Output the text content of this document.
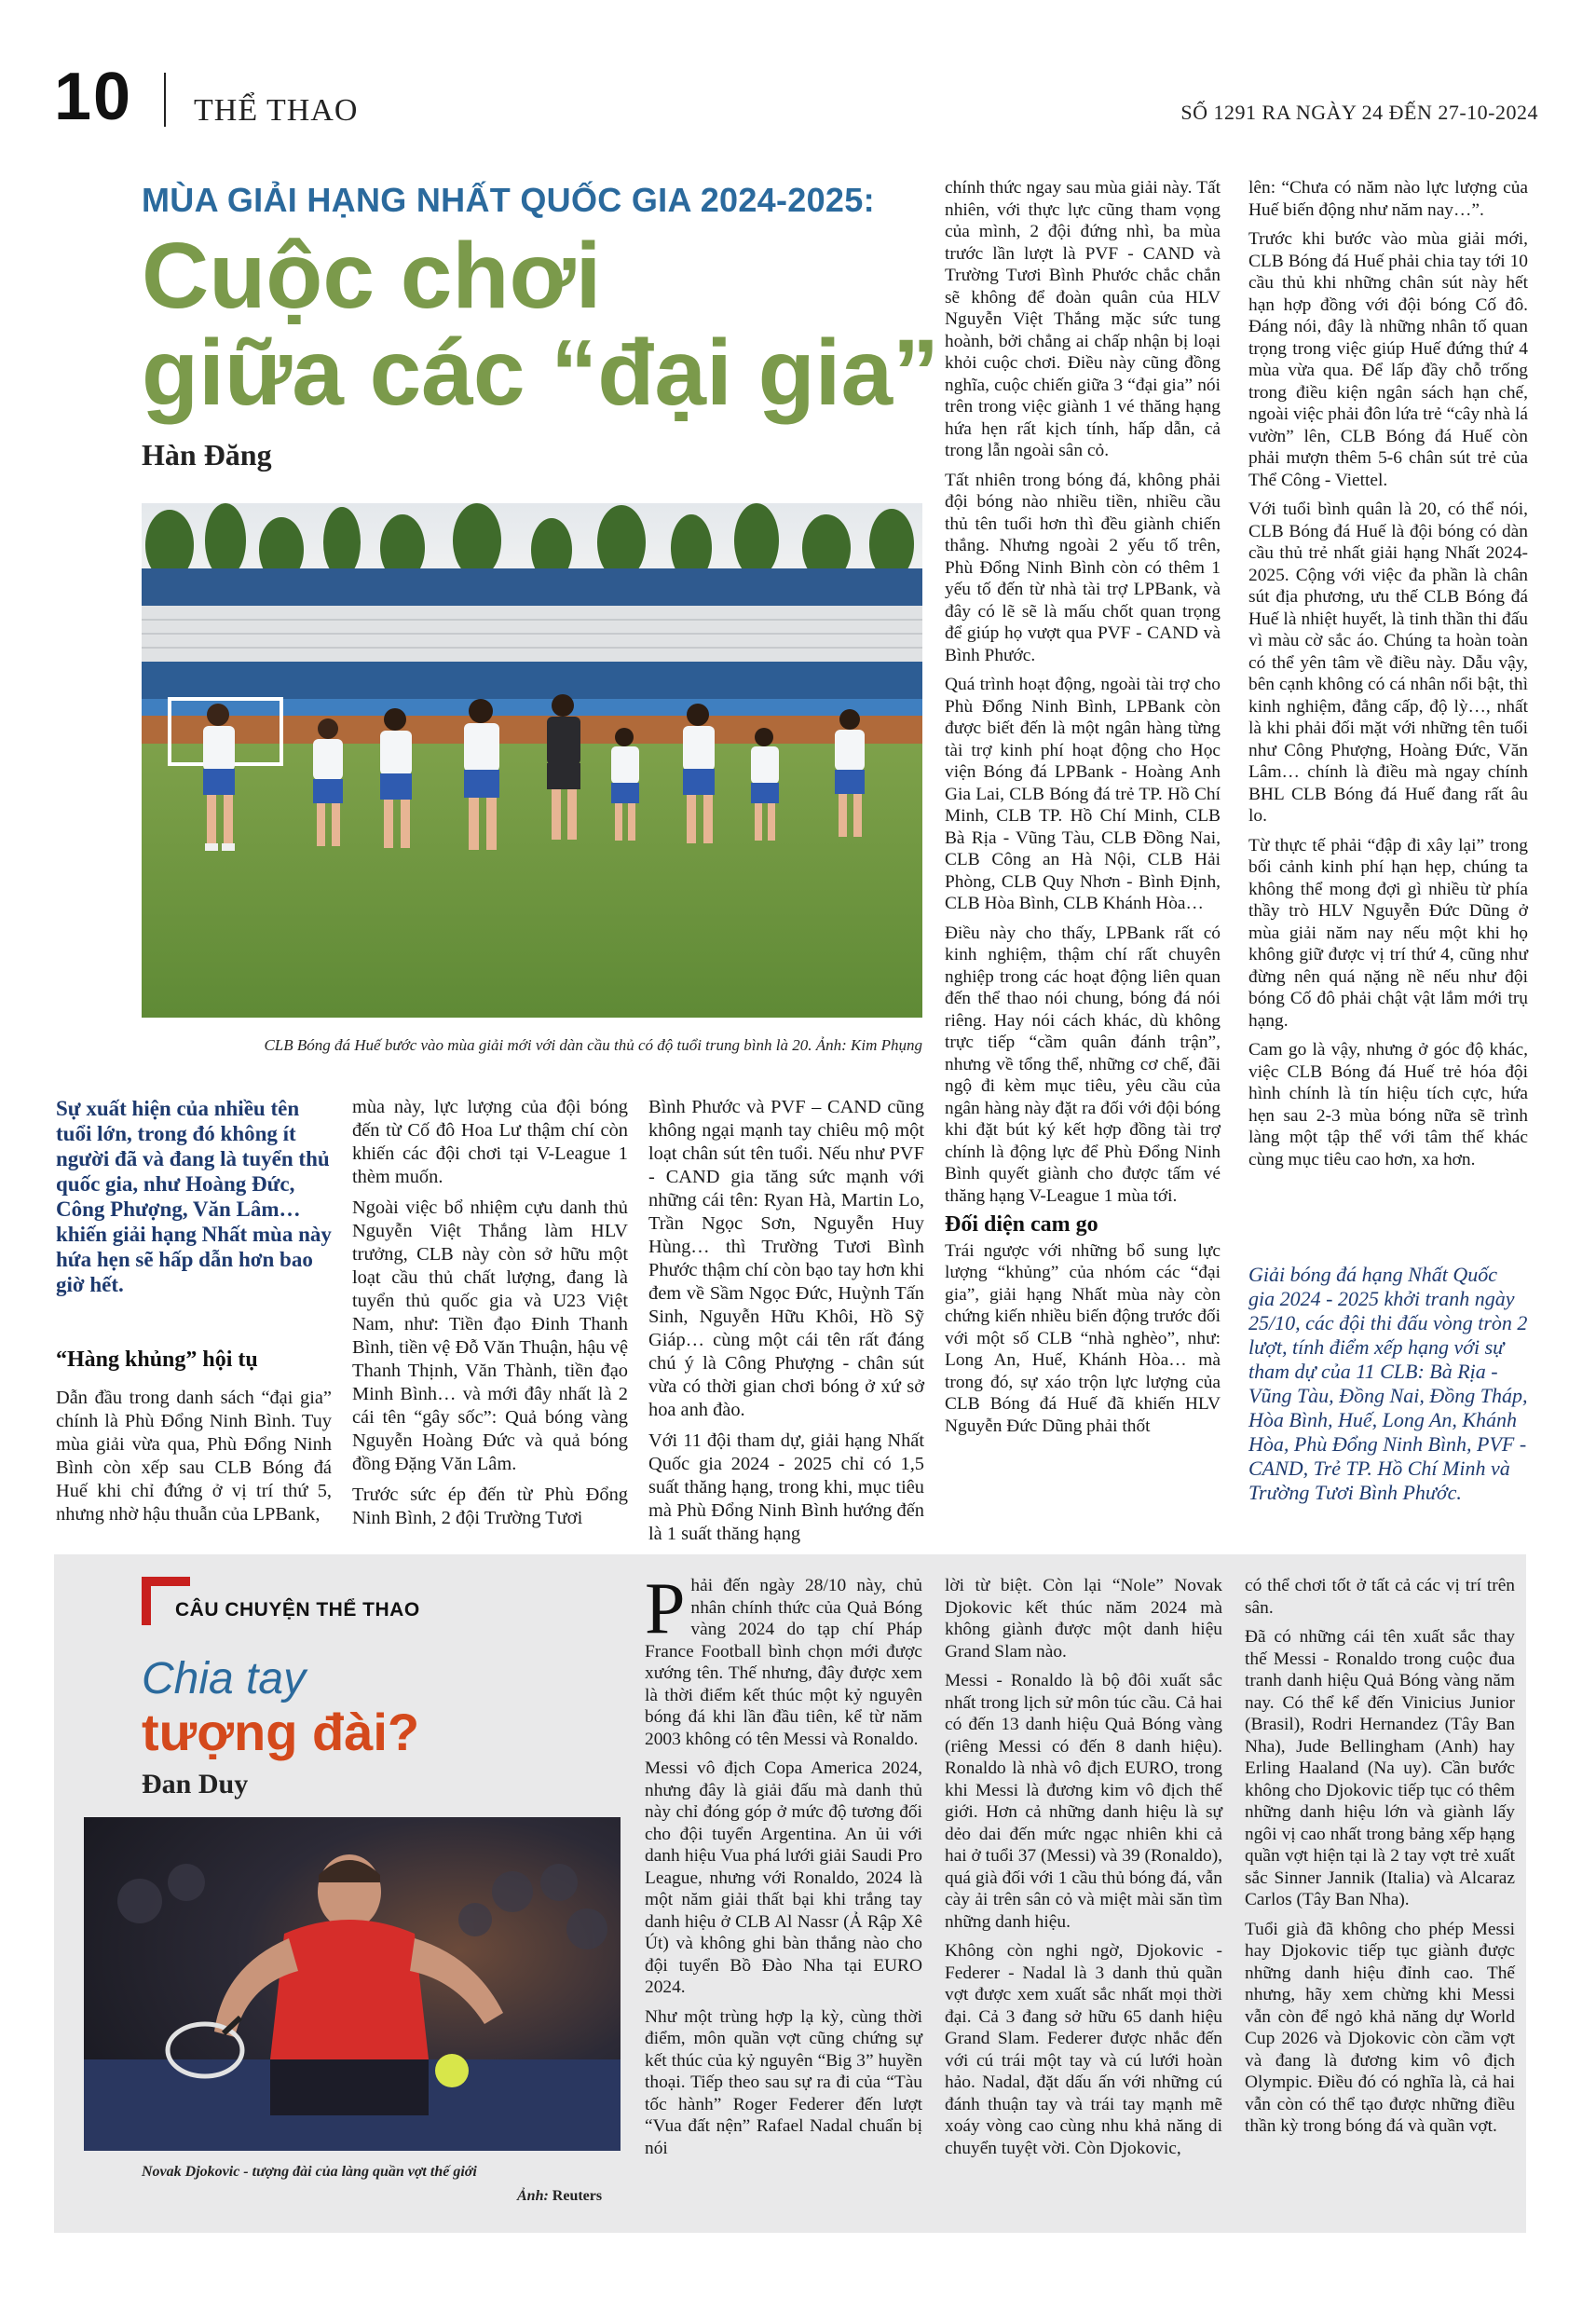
10 THỂ THAO	SỐ 1291 RA NGÀY 24 ĐẾN 27-10-2024
MÙA GIẢI HẠNG NHẤT QUỐC GIA 2024-2025:
Cuộc chơi
giữa các “đại gia”
Hàn Đăng
CLB Bóng đá Huế bước vào mùa giải mới với dàn cầu thủ có độ tuổi trung bình là 20. Ảnh: Kim Phụng
Sự xuất hiện của nhiều tên tuổi lớn, trong đó không ít người đã và đang là tuyển thủ quốc gia, như Hoàng Đức, Công Phượng, Văn Lâm… khiến giải hạng Nhất mùa này hứa hẹn sẽ hấp dẫn hơn bao giờ hết.
“Hàng khủng” hội tụ

Dẫn đầu trong danh sách “đại gia” chính là Phù Đổng Ninh Bình. Tuy mùa giải vừa qua, Phù Đổng Ninh Bình còn xếp sau CLB Bóng đá Huế khi chỉ đứng ở vị trí thứ 5, nhưng nhờ hậu thuẫn của LPBank,

mùa này, lực lượng của đội bóng đến từ Cố đô Hoa Lư thậm chí còn khiến các đội chơi tại V-League 1 thèm muốn.

Ngoài việc bổ nhiệm cựu danh thủ Nguyễn Việt Thắng làm HLV trưởng, CLB này còn sở hữu một loạt cầu thủ chất lượng, đang là tuyển thủ quốc gia và U23 Việt Nam, như: Tiền đạo Đinh Thanh Bình, tiền vệ Đỗ Văn Thuận, hậu vệ Thanh Thịnh, Văn Thành, tiền đạo Minh Bình… và mới đây nhất là 2 cái tên “gây sốc”: Quả bóng vàng Nguyễn Hoàng Đức và quả bóng đồng Đặng Văn Lâm.

Trước sức ép đến từ Phù Đổng Ninh Bình, 2 đội Trường Tươi

Bình Phước và PVF – CAND cũng không ngại mạnh tay chiêu mộ một loạt chân sút tên tuổi. Nếu như PVF - CAND gia tăng sức mạnh với những cái tên: Ryan Hà, Martin Lo, Trần Ngọc Sơn, Nguyễn Huy Hùng… thì Trường Tươi Bình Phước thậm chí còn bạo tay hơn khi đem về Sầm Ngọc Đức, Huỳnh Tấn Sinh, Nguyễn Hữu Khôi, Hồ Sỹ Giáp… cùng một cái tên rất đáng chú ý là Công Phượng - chân sút vừa có thời gian chơi bóng ở xứ sở hoa anh đào.

Với 11 đội tham dự, giải hạng Nhất Quốc gia 2024 - 2025 chỉ có 1,5 suất thăng hạng, trong khi, mục tiêu mà Phù Đổng Ninh Bình hướng đến là 1 suất thăng hạng

chính thức ngay sau mùa giải này. Tất nhiên, với thực lực cũng tham vọng của mình, 2 đội đứng nhì, ba mùa trước lần lượt là PVF - CAND và Trường Tươi Bình Phước chắc chắn sẽ không để đoàn quân của HLV Nguyễn Việt Thắng mặc sức tung hoành, bởi chẳng ai chấp nhận bị loại khỏi cuộc chơi. Điều này cũng đồng nghĩa, cuộc chiến giữa 3 “đại gia” nói trên trong việc giành 1 vé thăng hạng hứa hẹn rất kịch tính, hấp dẫn, cả trong lẫn ngoài sân cỏ.

Tất nhiên trong bóng đá, không phải đội bóng nào nhiều tiền, nhiều cầu thủ tên tuổi hơn thì đều giành chiến thắng. Nhưng ngoài 2 yếu tố trên, Phù Đổng Ninh Bình còn có thêm 1 yếu tố đến từ nhà tài trợ LPBank, và đây có lẽ sẽ là mấu chốt quan trọng để giúp họ vượt qua PVF - CAND và Bình Phước.

Quá trình hoạt động, ngoài tài trợ cho Phù Đổng Ninh Bình, LPBank còn được biết đến là một ngân hàng từng tài trợ kinh phí hoạt động cho Học viện Bóng đá LPBank - Hoàng Anh Gia Lai, CLB Bóng đá trẻ TP. Hồ Chí Minh, CLB TP. Hồ Chí Minh, CLB Bà Rịa - Vũng Tàu, CLB Đồng Nai, CLB Công an Hà Nội, CLB Hải Phòng, CLB Quy Nhơn - Bình Định, CLB Hòa Bình, CLB Khánh Hòa…

Điều này cho thấy, LPBank rất có kinh nghiệm, thậm chí rất chuyên nghiệp trong các hoạt động liên quan đến thể thao nói chung, bóng đá nói riêng. Hay nói cách khác, dù không trực tiếp “cầm quân đánh trận”, nhưng về tổng thể, những cơ chế, đãi ngộ đi kèm mục tiêu, yêu cầu của ngân hàng này đặt ra đối với đội bóng khi đặt bút ký kết hợp đồng tài trợ chính là động lực để Phù Đổng Ninh Bình quyết giành cho được tấm vé thăng hạng V-League 1 mùa tới.

Đối diện cam go

Trái ngược với những bổ sung lực lượng “khủng” của nhóm các “đại gia”, giải hạng Nhất mùa này còn chứng kiến nhiều biến động trước đối với một số CLB “nhà nghèo”, như: Long An, Huế, Khánh Hòa… mà trong đó, sự xáo trộn lực lượng của CLB Bóng đá Huế đã khiến HLV Nguyễn Đức Dũng phải thốt

lên: “Chưa có năm nào lực lượng của Huế biến động như năm nay…”.

Trước khi bước vào mùa giải mới, CLB Bóng đá Huế phải chia tay tới 10 cầu thủ khi những chân sút này hết hạn hợp đồng với đội bóng Cố đô. Đáng nói, đây là những nhân tố quan trọng trong việc giúp Huế đứng thứ 4 mùa vừa qua. Để lấp đầy chỗ trống trong điều kiện ngân sách hạn chế, ngoài việc phải đôn lứa trẻ “cây nhà lá vườn” lên, CLB Bóng đá Huế còn phải mượn thêm 5-6 chân sút trẻ của Thể Công - Viettel.

Với tuổi bình quân là 20, có thể nói, CLB Bóng đá Huế là đội bóng có dàn cầu thủ trẻ nhất giải hạng Nhất 2024-2025. Cộng với việc đa phần là chân sút địa phương, ưu thế CLB Bóng đá Huế là nhiệt huyết, là tinh thần thi đấu vì màu cờ sắc áo. Chúng ta hoàn toàn có thể yên tâm về điều này. Dẫu vậy, bên cạnh không có cá nhân nổi bật, thì kinh nghiệm, đẳng cấp, độ lỳ…, nhất là khi phải đối mặt với những tên tuổi như Công Phượng, Hoàng Đức, Văn Lâm… chính là điều mà ngay chính BHL CLB Bóng đá Huế đang rất âu lo.

Từ thực tế phải “đập đi xây lại” trong bối cảnh kinh phí hạn hẹp, chúng ta không thể mong đợi gì nhiều từ phía thầy trò HLV Nguyễn Đức Dũng ở mùa giải năm nay nếu một khi họ không giữ được vị trí thứ 4, cũng như đừng nên quá nặng nề nếu như đội bóng Cố đô phải chật vật lắm mới trụ hạng.

Cam go là vậy, nhưng ở góc độ khác, việc CLB Bóng đá Huế trẻ hóa đội hình chính là tín hiệu tích cực, hứa hẹn sau 2-3 mùa bóng nữa sẽ trình làng một tập thể với tâm thế khác cùng mục tiêu cao hơn, xa hơn.

Giải bóng đá hạng Nhất Quốc gia 2024 - 2025 khởi tranh ngày 25/10, các đội thi đấu vòng tròn 2 lượt, tính điểm xếp hạng với sự tham dự của 11 CLB: Bà Rịa - Vũng Tàu, Đồng Nai, Đồng Tháp, Hòa Bình, Huế, Long An, Khánh Hòa, Phù Đổng Ninh Bình, PVF - CAND, Trẻ TP. Hồ Chí Minh và Trường Tươi Bình Phước.
CÂU CHUYỆN THỂ THAO
Chia tay
tượng đài?
Đan Duy
Novak Djokovic - tượng đài của làng quần vợt thế giới
Ảnh: Reuters

Phải đến ngày 28/10 này, chủ nhân chính thức của Quả Bóng vàng 2024 do tạp chí Pháp France Football bình chọn mới được xướng tên. Thế nhưng, đây được xem là thời điểm kết thúc một kỷ nguyên bóng đá khi lần đầu tiên, kể từ năm 2003 không có tên Messi và Ronaldo.

Messi vô địch Copa America 2024, nhưng đây là giải đấu mà danh thủ này chỉ đóng góp ở mức độ tương đối cho đội tuyển Argentina. An ủi với danh hiệu Vua phá lưới giải Saudi Pro League, nhưng với Ronaldo, 2024 là một năm giải thất bại khi trắng tay danh hiệu ở CLB Al Nassr (Ả Rập Xê Út) và không ghi bàn thắng nào cho đội tuyển Bồ Đào Nha tại EURO 2024.

Như một trùng hợp lạ kỳ, cùng thời điểm, môn quần vợt cũng chứng sự kết thúc của kỷ nguyên “Big 3” huyền thoại. Tiếp theo sau sự ra đi của “Tàu tốc hành” Roger Federer đến lượt “Vua đất nện” Rafael Nadal chuẩn bị nói

lời từ biệt. Còn lại “Nole” Novak Djokovic kết thúc năm 2024 mà không giành được một danh hiệu Grand Slam nào.

Messi - Ronaldo là bộ đôi xuất sắc nhất trong lịch sử môn túc cầu. Cả hai có đến 13 danh hiệu Quả Bóng vàng (riêng Messi có đến 8 danh hiệu). Ronaldo là nhà vô địch EURO, trong khi Messi là đương kim vô địch thế giới. Hơn cả những danh hiệu là sự dẻo dai đến mức ngạc nhiên khi cả hai ở tuổi 37 (Messi) và 39 (Ronaldo), quá già đối với 1 cầu thủ bóng đá, vẫn cày ải trên sân cỏ và miệt mài săn tìm những danh hiệu.

Không còn nghi ngờ, Djokovic - Federer - Nadal là 3 danh thủ quần vợt được xem xuất sắc nhất mọi thời đại. Cả 3 đang sở hữu 65 danh hiệu Grand Slam. Federer được nhắc đến với cú trái một tay và cú lưới hoàn hảo. Nadal, đặt dấu ấn với những cú đánh thuận tay và trái tay mạnh mẽ xoáy vòng cao cùng nhu khả năng di chuyển tuyệt vời. Còn Djokovic,

có thể chơi tốt ở tất cả các vị trí trên sân.

Đã có những cái tên xuất sắc thay thế Messi - Ronaldo trong cuộc đua tranh danh hiệu Quả Bóng vàng năm nay. Có thể kể đến Vinicius Junior (Brasil), Rodri Hernandez (Tây Ban Nha), Jude Bellingham (Anh) hay Erling Haaland (Na uy). Cần bước không cho Djokovic tiếp tục có thêm những danh hiệu lớn và giành lấy ngôi vị cao nhất trong bảng xếp hạng quần vợt hiện tại là 2 tay vợt trẻ xuất sắc Sinner Jannik (Italia) và Alcaraz Carlos (Tây Ban Nha).

Tuổi già đã không cho phép Messi hay Djokovic tiếp tục giành được những danh hiệu đỉnh cao. Thế nhưng, hãy xem chừng khi Messi vẫn còn để ngỏ khả năng dự World Cup 2026 và Djokovic còn cầm vợt và đang là đương kim vô địch Olympic. Điều đó có nghĩa là, cả hai vẫn còn có thể tạo được những điều thần kỳ trong bóng đá và quần vợt.
